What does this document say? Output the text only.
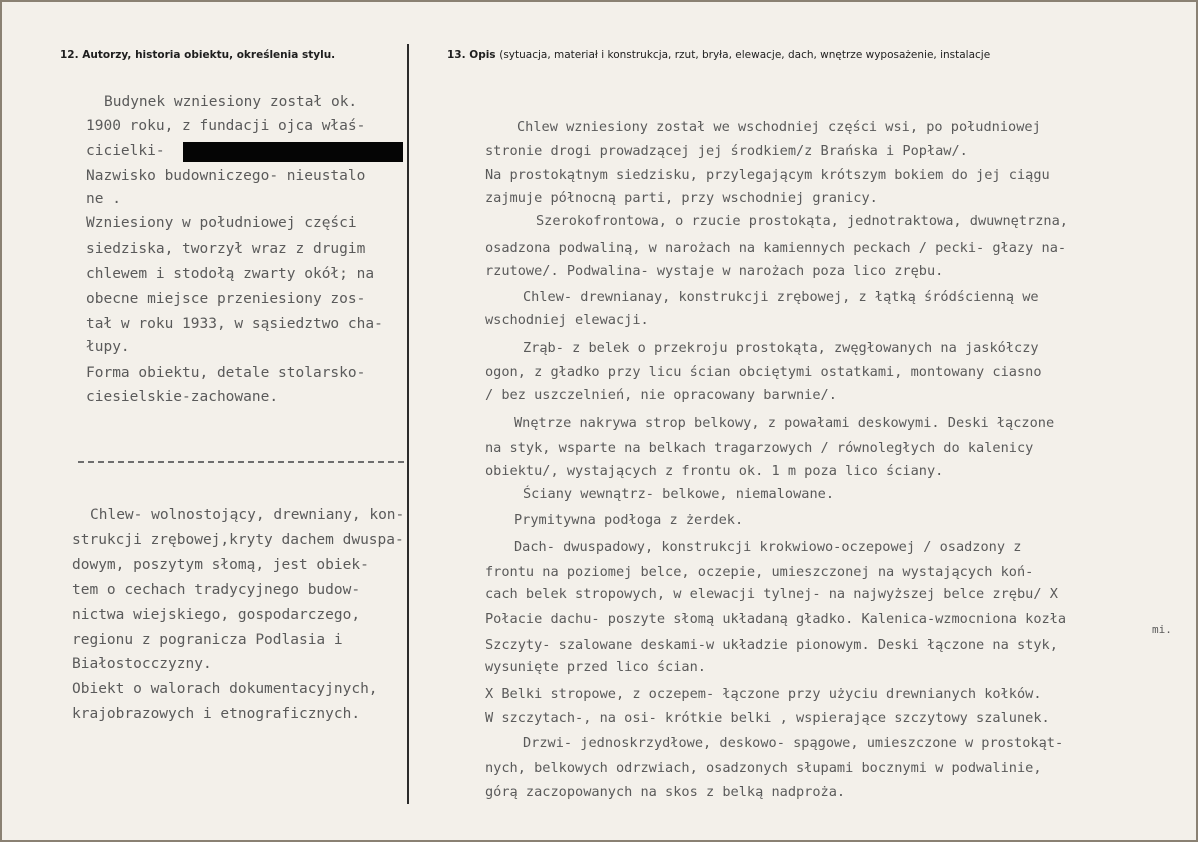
12. Autorzy, historia obiektu, określenia stylu.	13. Opis (sytuacja, materiał i konstrukcja, rzut, bryła, elewacje, dach, wnętrze wyposażenie, instalacje

Budynek wzniesiony został ok.

1900 roku, z fundacji ojca właś-

cicielki-

Nazwisko budowniczego- nieustalo

ne .

Wzniesiony w południowej części

siedziska, tworzył wraz z drugim

chlewem i stodołą zwarty okół; na

obecne miejsce przeniesiony zos-

tał w roku 1933, w sąsiedztwo cha-

łupy.

Forma obiektu, detale stolarsko-

ciesielskie-zachowane.

Chlew- wolnostojący, drewniany, kon-

strukcji zrębowej,kryty dachem dwuspa-

dowym, poszytym słomą, jest obiek-

tem o cechach tradycyjnego budow-

nictwa wiejskiego, gospodarczego,

regionu z pogranicza Podlasia i

Białostocczyzny.

Obiekt o walorach dokumentacyjnych,

krajobrazowych i etnograficznych.

Chlew wzniesiony został we wschodniej części wsi, po południowej

stronie drogi prowadzącej jej środkiem/z Brańska i Popław/.

Na prostokątnym siedzisku, przylegającym krótszym bokiem do jej ciągu

zajmuje północną parti, przy wschodniej granicy.

Szerokofrontowa, o rzucie prostokąta, jednotraktowa, dwuwnętrzna,

osadzona podwaliną, w narożach na kamiennych peckach / pecki- głazy na-

rzutowe/. Podwalina- wystaje w narożach poza lico zrębu.

Chlew- drewnianay, konstrukcji zrębowej, z łątką śródścienną we

wschodniej elewacji.

Zrąb- z belek o przekroju prostokąta, zwęgłowanych na jaskółczy

ogon, z gładko przy licu ścian obciętymi ostatkami, montowany ciasno

/ bez uszczelnień, nie opracowany barwnie/.

Wnętrze nakrywa strop belkowy, z powałami deskowymi. Deski łączone

na styk, wsparte na belkach tragarzowych / równoległych do kalenicy

obiektu/, wystających z frontu ok. 1 m poza lico ściany.

Ściany wewnątrz- belkowe, niemalowane.

Prymitywna podłoga z żerdek.

Dach- dwuspadowy, konstrukcji krokwiowo-oczepowej / osadzony z

frontu na poziomej belce, oczepie, umieszczonej na wystających koń-

cach belek stropowych, w elewacji tylnej- na najwyższej belce zrębu/ X

Połacie dachu- poszyte słomą układaną gładko. Kalenica-wzmocniona kozła

Szczyty- szalowane deskami-w układzie pionowym. Deski łączone na styk,

wysunięte przed lico ścian.

X Belki stropowe, z oczepem- łączone przy użyciu drewnianych kołków.

W szczytach-, na osi- krótkie belki , wspierające szczytowy szalunek.

Drzwi- jednoskrzydłowe, deskowo- spągowe, umieszczone w prostokąt-

nych, belkowych odrzwiach, osadzonych słupami bocznymi w podwalinie,

górą zaczopowanych na skos z belką nadproża.

mi.
